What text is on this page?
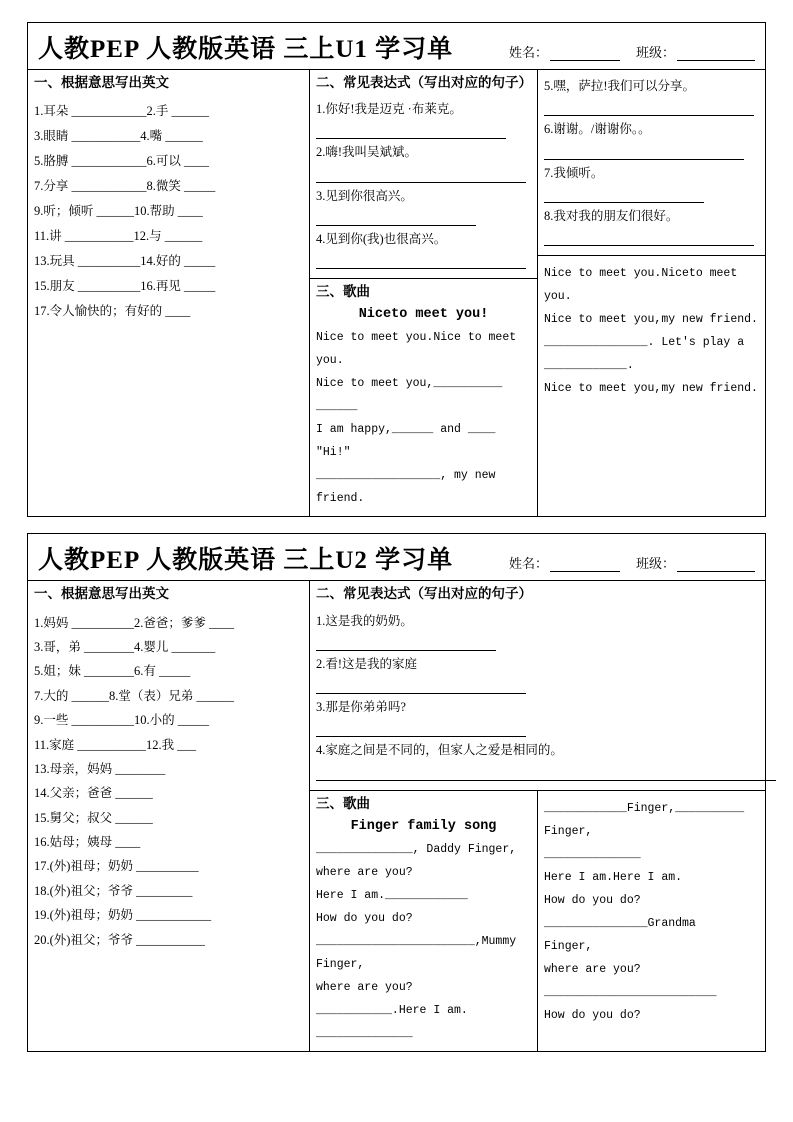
人教PEP 人教版英语 三上U1 学习单	姓名：	班级：
一、根据意思写出英文
1.耳朵 ____________2.手 ______
3.眼睛 ___________4.嘴 ______
5.胳膊 ____________6.可以 ____
7.分享 ____________8.微笑 _____
9.听；倾听 ______10.帮助 ____
11.讲 ___________12.与 ______
13.玩具 __________14.好的 _____
15.朋友 __________16.再见 _____
17.令人愉快的；有好的 ____
二、常见表达式（写出对应的句子）
1.你好!我是迈克 ·布莱克。
2.嗨!我叫吴斌斌。
3.见到你很高兴。
4.见到你(我)也很高兴。
三、歌曲
Niceto meet you!
Nice to meet you.Nice to meet you.
Nice to meet you,__________
______
I am happy,______ and ____ "Hi!"
__________________, my new friend.
5.嘿，萨拉!我们可以分享。
6.谢谢。/谢谢你。。
7.我倾听。
8.我对我的朋友们很好。
Nice to meet you.Niceto meet you.
Nice to meet you,my new friend.
_______________. Let's play a
____________.
Nice to meet you,my new friend.
人教PEP 人教版英语 三上U2 学习单	姓名：	班级：
一、根据意思写出英文
1.妈妈 __________2.爸爸；爹爹 ____
3.哥，弟 ________4.婴儿 _______
5.姐；妹 ________6.有 _____
7.大的 ______8.堂（表）兄弟 ______
9.一些 __________10.小的 _____
11.家庭 ___________12.我 ___
13.母亲，妈妈 ________
14.父亲；爸爸 ______
15.舅父；叔父 ______
16.姑母；姨母 ____
17.(外)祖母；奶奶 __________
18.(外)祖父；爷爷 _________
19.(外)祖母；奶奶 ____________
20.(外)祖父；爷爷 ___________
二、常见表达式（写出对应的句子）
1.这是我的奶奶。
2.看!这是我的家庭
3.那是你弟弟吗?
4.家庭之间是不同的，但家人之爱是相同的。
三、歌曲
Finger family song
______________, Daddy Finger,
where are you?
Here I am.____________
How do you do?
_______________________,Mummy
Finger,
where are you?
___________.Here I am.
______________
____________Finger,__________
Finger,
______________
Here I am.Here I am.
How do you do?
_______________Grandma
Finger,
where are you?
_________________________
How do you do?
